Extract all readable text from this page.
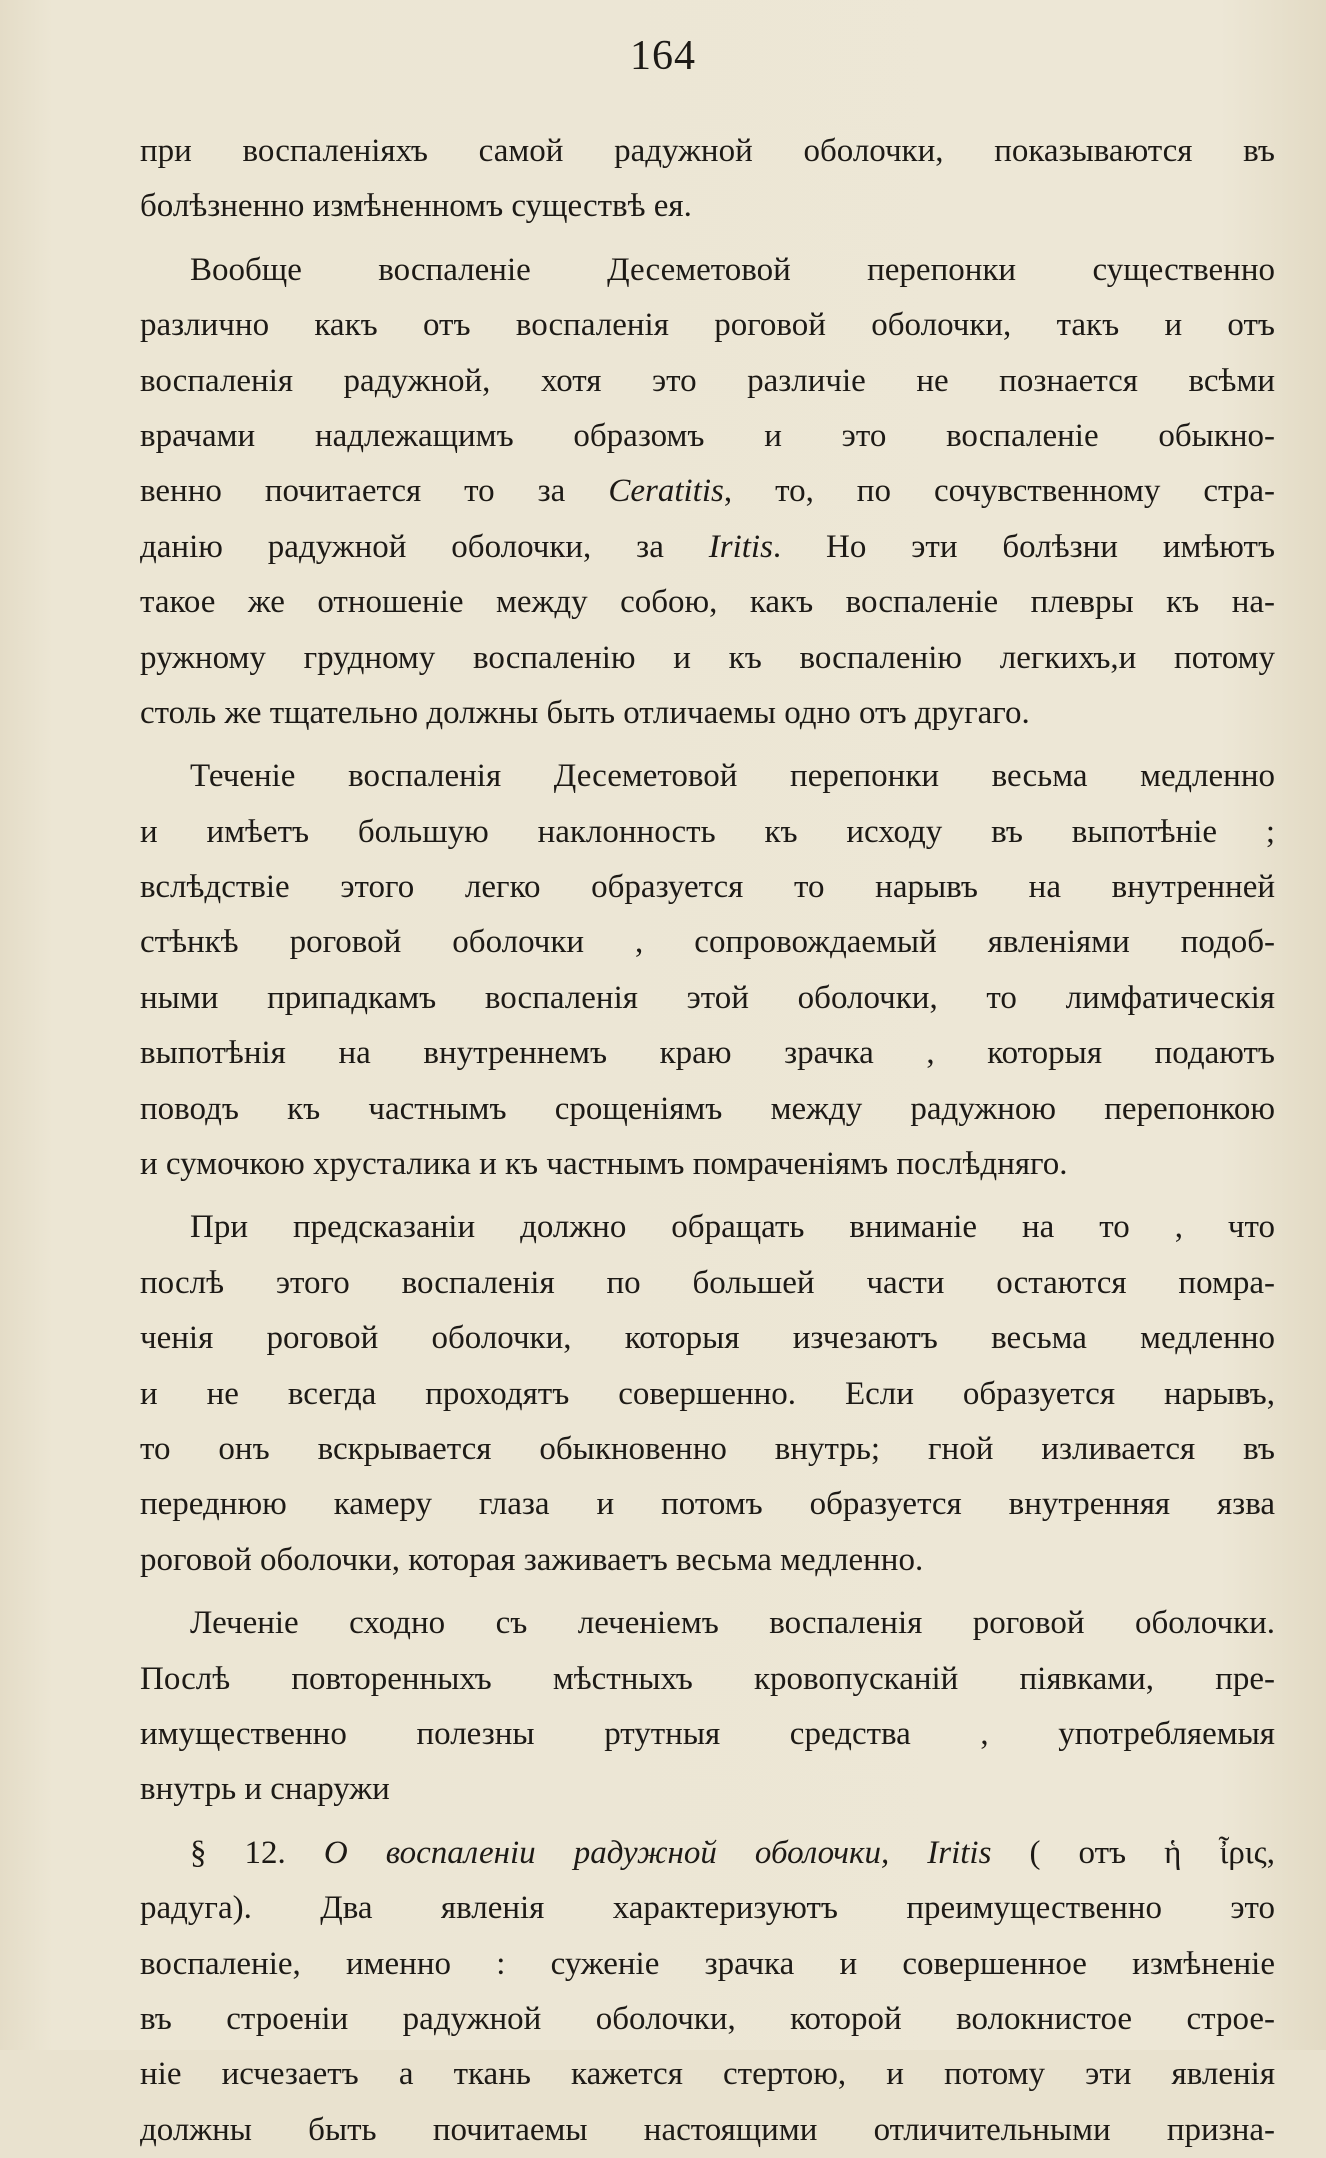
164
при воспаленіяхъ самой радужной оболочки, показываются въ
болѣзненно измѣненномъ существѣ ея.
Вообще воспаленіе Десеметовой перепонки существенно
различно какъ отъ воспаленія роговой оболочки, такъ и отъ
воспаленія радужной, хотя это различіе не познается всѣми
врачами надлежащимъ образомъ и это воспаленіе обыкно-
венно почитается то за Ceratitis, то, по сочувственному стра-
данію радужной оболочки, за Iritis. Но эти болѣзни имѣютъ
такое же отношеніе между собою, какъ воспаленіе плевры къ на-
ружному грудному воспаленію и къ воспаленію легкихъ,и потому
столь же тщательно должны быть отличаемы одно отъ другаго.
Теченіе воспаленія Десеметовой перепонки весьма медленно
и имѣетъ большую наклонность къ исходу въ выпотѣніе ;
вслѣдствіе этого легко образуется то нарывъ на внутренней
стѣнкѣ роговой оболочки , сопровождаемый явленіями подоб-
ными припадкамъ воспаленія этой оболочки, то лимфатическія
выпотѣнія на внутреннемъ краю зрачка , которыя подаютъ
поводъ къ частнымъ срощеніямъ между радужною перепонкою
и сумочкою хрусталика и къ частнымъ помраченіямъ послѣдняго.
При предсказаніи должно обращать вниманіе на то , что
послѣ этого воспаленія по большей части остаются помра-
ченія роговой оболочки, которыя изчезаютъ весьма медленно
и не всегда проходятъ совершенно. Если образуется нарывъ,
то онъ вскрывается обыкновенно внутрь; гной изливается въ
переднюю камеру глаза и потомъ образуется внутренняя язва
роговой оболочки, которая заживаетъ весьма медленно.
Леченіе сходно съ леченіемъ воспаленія роговой оболочки.
Послѣ повторенныхъ мѣстныхъ кровопусканій піявками, пре-
имущественно полезны ртутныя средства , употребляемыя
внутрь и снаружи
§ 12. О воспаленіи радужной оболочки, Iritis ( отъ ἡ ἶρις,
радуга). Два явленія характеризуютъ преимущественно это
воспаленіе, именно : суженіе зрачка и совершенное измѣненіе
въ строеніи радужной оболочки, которой волокнистое строе-
ніе исчезаетъ а ткань кажется стертою, и потому эти явленія
должны быть почитаемы настоящими отличительными призна-
